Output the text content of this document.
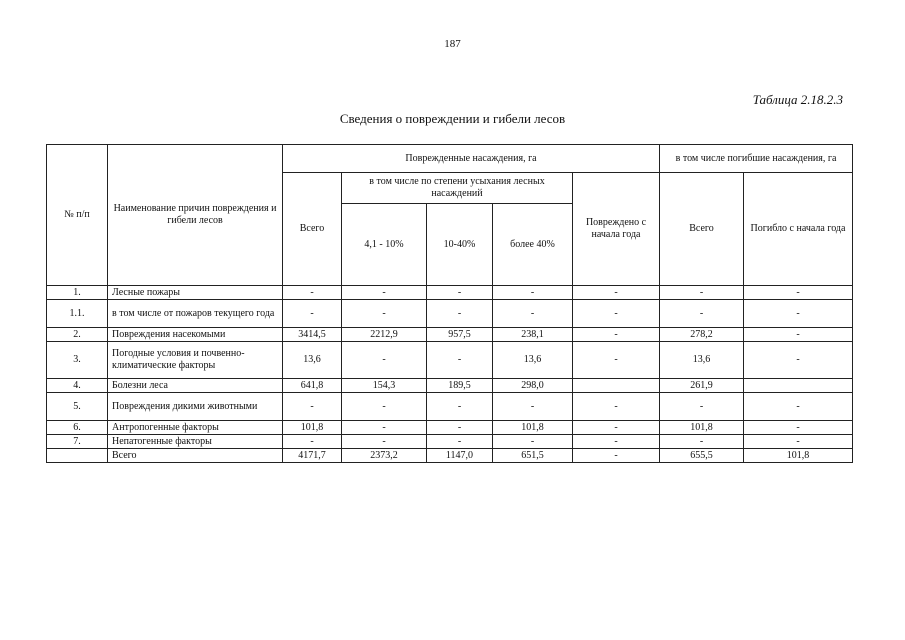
187
Таблица 2.18.2.3
Сведения о повреждении и гибели лесов
№ п/п	Наименование причин повреждения и гибели лесов	Поврежденные насаждения, га					в том числе погибшие насаждения, га	
		Всего	в том числе по степени усыхания лесных насаждений			Повреждено с начала года	Всего	Погибло с начала года
			4,1 - 10%	10-40%	более 40%			
1.	Лесные пожары	-	-	-	-	-	-	-
1.1.	в том числе от пожаров текущего года	-	-	-	-	-	-	-
2.	Повреждения насекомыми	3414,5	2212,9	957,5	238,1	-	278,2	-
3.	Погодные условия и почвенно-климатические факторы	13,6	-	-	13,6	-	13,6	-
4.	Болезни леса	641,8	154,3	189,5	298,0		261,9	
5.	Повреждения дикими животными	-	-	-	-	-	-	-
6.	Антропогенные факторы	101,8	-	-	101,8	-	101,8	-
7.	Непатогенные факторы	-	-	-	-	-	-	-
	Всего	4171,7	2373,2	1147,0	651,5	-	655,5	101,8
